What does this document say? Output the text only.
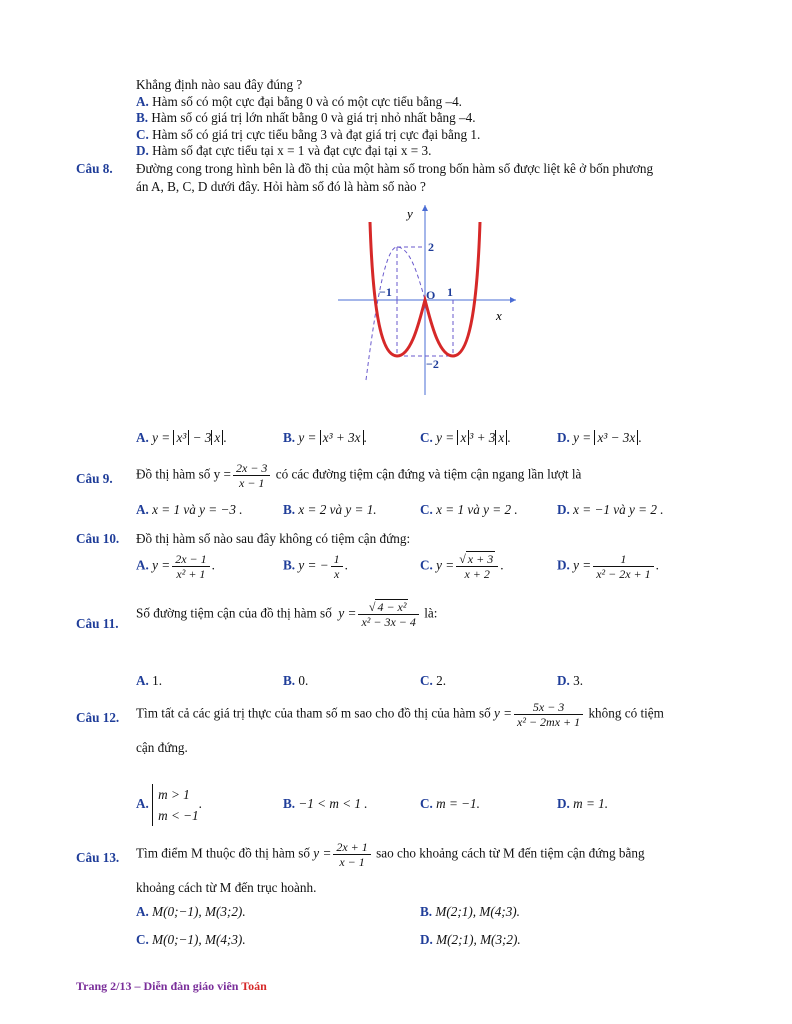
Khẳng định nào sau đây đúng ?
A. Hàm số có một cực đại bằng 0 và có một cực tiểu bằng –4.
B. Hàm số có giá trị lớn nhất bằng 0 và giá trị nhỏ nhất bằng –4.
C. Hàm số có giá trị cực tiểu bằng 3 và đạt giá trị cực đại bằng 1.
D. Hàm số đạt cực tiểu tại x = 1 và đạt cực đại tại x = 3.
Câu 8. Đường cong trong hình bên là đồ thị của một hàm số trong bốn hàm số được liệt kê ở bốn phương
án A, B, C, D dưới đây. Hỏi hàm số đó là hàm số nào ?
y
x
O
−1	1
2
−2
A. y = x³ − 3 x .	B. y = x³ + 3x .	C. y = x ³ + 3 x .	D. y = x³ − 3x .
Câu 9. Đồ thị hàm số $y = \frac{2x - 3}{x - 1}$ có các đường tiệm cận đứng và tiệm cận ngang lần lượt là
A. x = 1 và y = −3 .	B. x = 2 và y = 1.	C. x = 1 và y = 2 .	D. x = −1 và y = 2 .
Câu 10. Đồ thị hàm số nào sau đây không có tiệm cận đứng:
A. $y = \frac{2x - 1}{\text{x² + 1}}$ .	B. y = − $\frac{1}{x}$ .	C. $y = \frac{√ x + 3}{x + 2}$ .	D. $y = \frac{1}{\text{x² − 2x + 1}}$ .
Câu 11.
Số đường tiệm cận của đồ thị hàm số $y = \frac{\text{√ 4 − x²}}{\text{x² − 3x − 4}}$ là:
A. 1.	B. 0.	C. 2.	D. 3.
Câu 12. Tìm tất cả các giá trị thực của tham số m sao cho đồ thị của hàm số $y = \frac{5x - 3}{\text{x² − 2mx + 1}}$ không có tiệm
cận đứng.
A.
m > 1
m < −1
.	B. −1 < m < 1 .	C. m = −1.	D. m = 1.
Câu 13. Tìm điểm M thuộc đồ thị hàm số $y = \frac{2x + 1}{x - 1}$ sao cho khoảng cách từ M đến tiệm cận đứng bằng
khoảng cách từ M đến trục hoành.
A. M(0;−1), M(3;2).	B. M(2;1), M(4;3).
C. M(0;−1), M(4;3).	D. M(2;1), M(3;2).
Trang 2/13 – Diễn đàn giáo viên Toán
